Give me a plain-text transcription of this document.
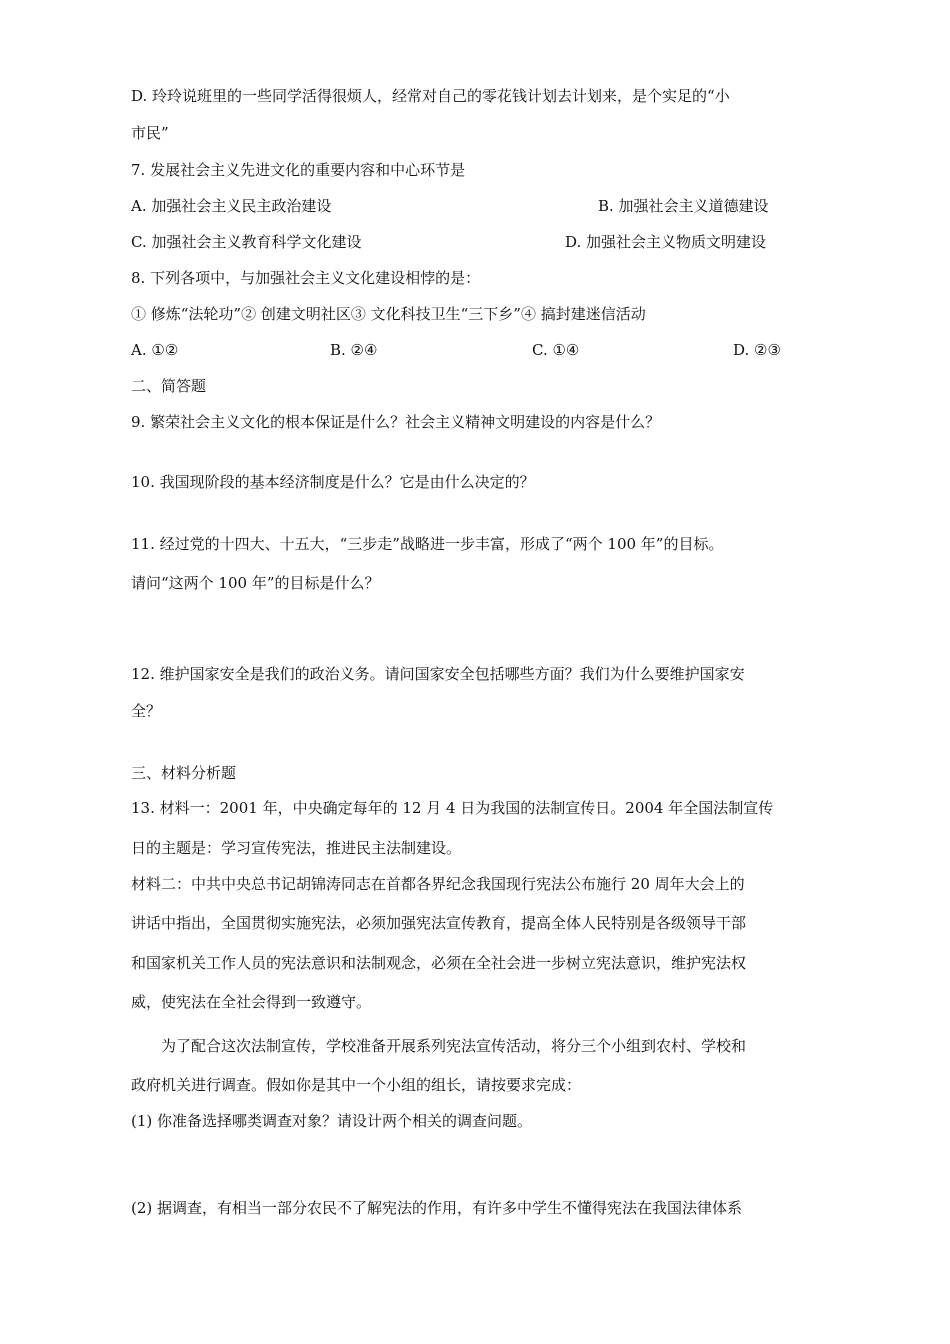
D. 玲玲说班里的一些同学活得很烦人，经常对自己的零花钱计划去计划来，是个实足的“小
市民”
7. 发展社会主义先进文化的重要内容和中心环节是
A. 加强社会主义民主政治建设	B. 加强社会主义道德建设
C. 加强社会主义教育科学文化建设	D. 加强社会主义物质文明建设
8. 下列各项中，与加强社会主义文化建设相悖的是：
① 修炼“法轮功”② 创建文明社区③ 文化科技卫生“三下乡”④ 搞封建迷信活动
A. ①②	B. ②④	C. ①④	D. ②③
二、简答题
9. 繁荣社会主义文化的根本保证是什么？社会主义精神文明建设的内容是什么？
10. 我国现阶段的基本经济制度是什么？它是由什么决定的？
11. 经过党的十四大、十五大，“三步走”战略进一步丰富，形成了“两个 100 年”的目标。
请问“这两个 100 年”的目标是什么？
12. 维护国家安全是我们的政治义务。请问国家安全包括哪些方面？我们为什么要维护国家安
全？
三、材料分析题
13. 材料一：2001 年，中央确定每年的 12 月 4 日为我国的法制宣传日。2004 年全国法制宣传
日的主题是：学习宣传宪法，推进民主法制建设。
材料二：中共中央总书记胡锦涛同志在首都各界纪念我国现行宪法公布施行 20 周年大会上的
讲话中指出，全国贯彻实施宪法，必须加强宪法宣传教育，提高全体人民特别是各级领导干部
和国家机关工作人员的宪法意识和法制观念，必须在全社会进一步树立宪法意识，维护宪法权
威，使宪法在全社会得到一致遵守。
为了配合这次法制宣传，学校准备开展系列宪法宣传活动，将分三个小组到农村、学校和
政府机关进行调查。假如你是其中一个小组的组长，请按要求完成：
(1) 你准备选择哪类调查对象？请设计两个相关的调查问题。
(2) 据调查，有相当一部分农民不了解宪法的作用，有许多中学生不懂得宪法在我国法律体系
